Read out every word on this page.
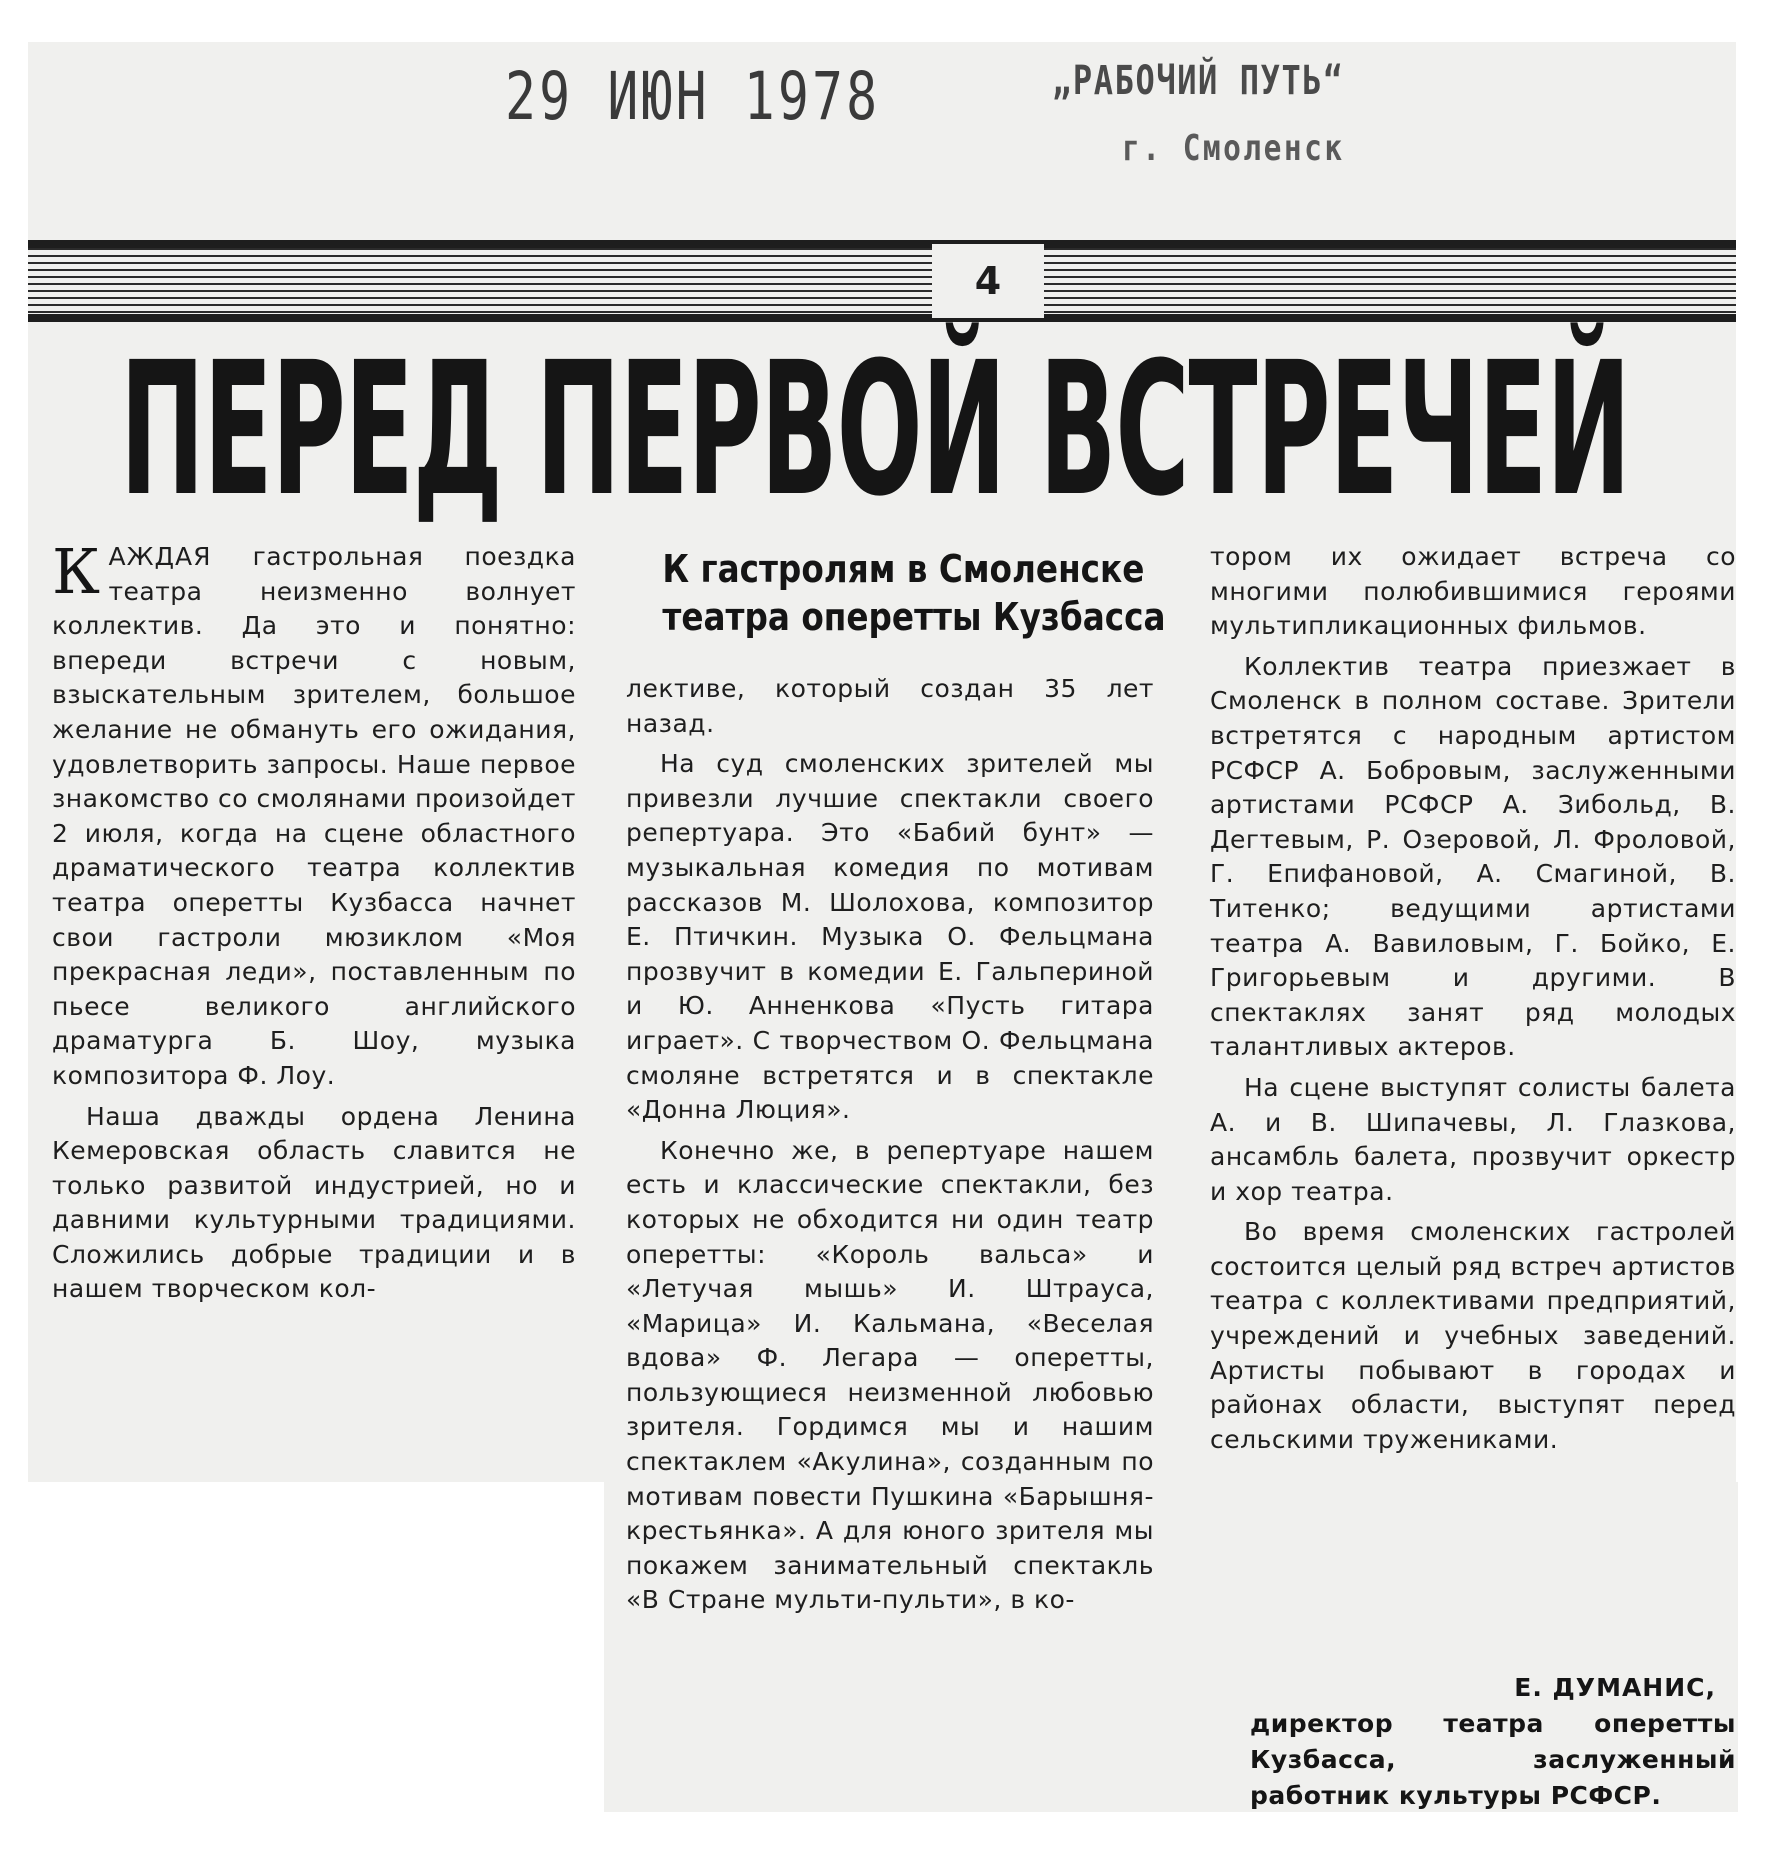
29 ИЮН 1978	„РАБОЧИЙ ПУТЬ“
г. Смоленск
4
ПЕРЕД ПЕРВОЙ ВСТРЕЧЕЙ
К гастролям в Смоленске
театра оперетты Кузбасса

КАЖДАЯ гастрольная поездка театра неизменно волнует коллектив. Да это и понятно: впереди встречи с новым, взыскательным зрителем, большое желание не обмануть его ожидания, удовлетворить запросы. Наше первое знакомство со смолянами произойдет 2 июля, когда на сцене областного драматического театра коллектив театра оперетты Кузбасса начнет свои гастроли мюзиклом «Моя прекрасная леди», поставленным по пьесе великого английского драматурга Б. Шоу, музыка композитора Ф. Лоу.

Наша дважды ордена Ленина Кемеровская область славится не только развитой индустрией, но и давними культурными традициями. Сложились добрые традиции и в нашем творческом кол-

лективе, который создан 35 лет назад.

На суд смоленских зрителей мы привезли лучшие спектакли своего репертуара. Это «Бабий бунт» — музыкальная комедия по мотивам рассказов М. Шолохова, композитор Е. Птичкин. Музыка О. Фельцмана прозвучит в комедии Е. Гальпериной и Ю. Анненкова «Пусть гитара играет». С творчеством О. Фельцмана смоляне встретятся и в спектакле «Донна Люция».

Конечно же, в репертуаре нашем есть и классические спектакли, без которых не обходится ни один театр оперетты: «Король вальса» и «Летучая мышь» И. Штрауса, «Марица» И. Кальмана, «Веселая вдова» Ф. Легара — оперетты, пользующиеся неизменной любовью зрителя. Гордимся мы и нашим спектаклем «Акулина», созданным по мотивам повести Пушкина «Барышня-крестьянка». А для юного зрителя мы покажем занимательный спектакль «В Стране мульти-пульти», в ко-

тором их ожидает встреча со многими полюбившимися героями мультипликационных фильмов.

Коллектив театра приезжает в Смоленск в полном составе. Зрители встретятся с народным артистом РСФСР А. Бобровым, заслуженными артистами РСФСР А. Зибольд, В. Дегтевым, Р. Озеровой, Л. Фроловой, Г. Епифановой, А. Смагиной, В. Титенко; ведущими артистами театра А. Вавиловым, Г. Бойко, Е. Григорьевым и другими. В спектаклях занят ряд молодых талантливых актеров.

На сцене выступят солисты балета А. и В. Шипачевы, Л. Глазкова, ансамбль балета, прозвучит оркестр и хор театра.

Во время смоленских гастролей состоится целый ряд встреч артистов театра с коллективами предприятий, учреждений и учебных заведений. Артисты побывают в городах и районах области, выступят перед сельскими тружениками.

Е. ДУМАНИС,
директор театра оперетты Кузбасса, заслуженный работник культуры РСФСР.
